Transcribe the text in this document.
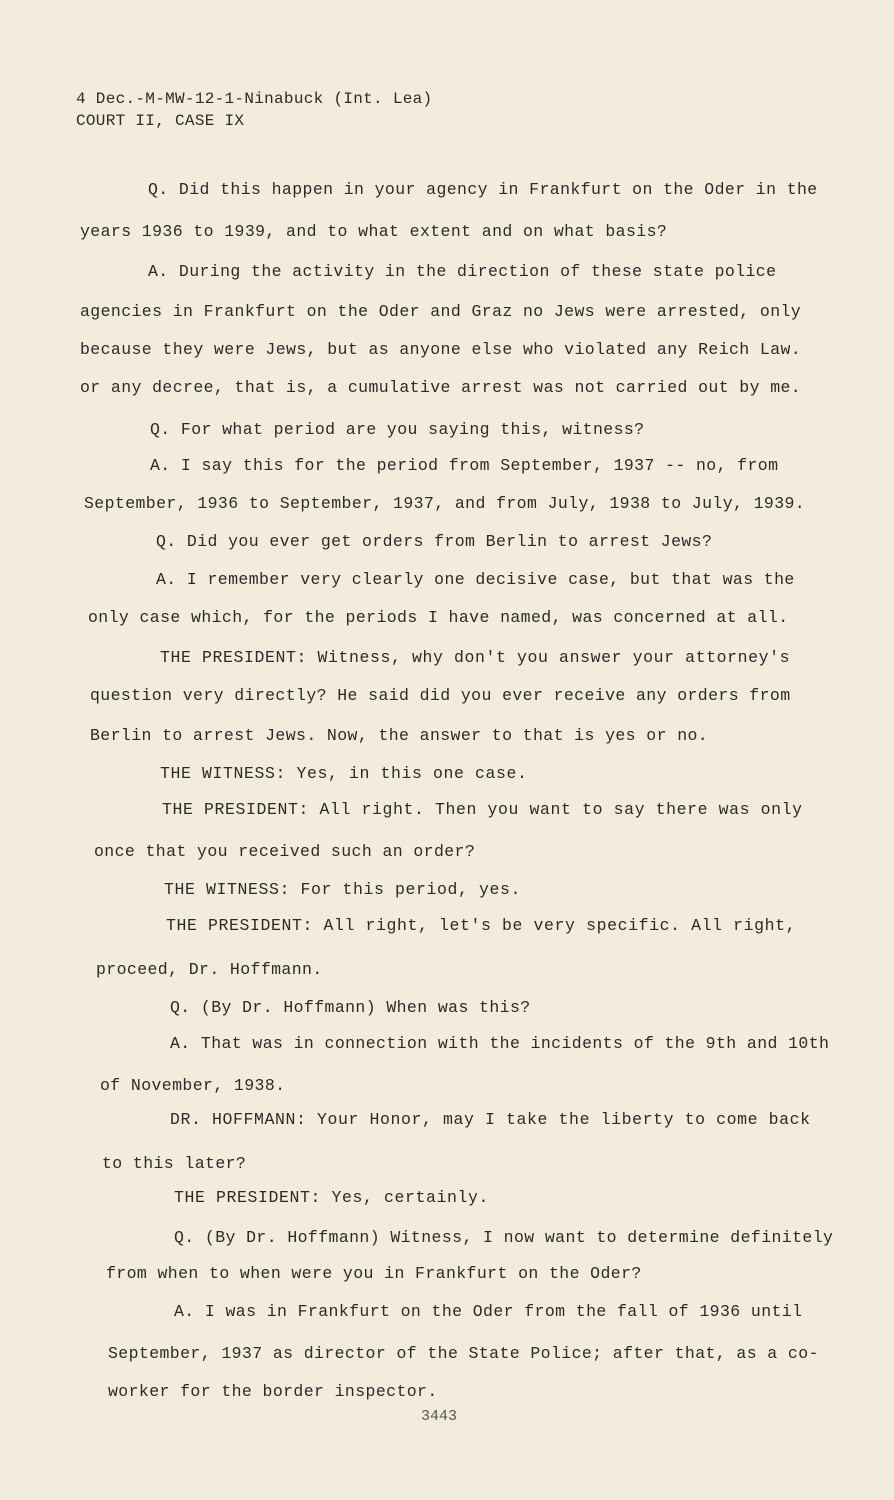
4 Dec.-M-MW-12-1-Ninabuck (Int. Lea)
COURT II, CASE IX
Q. Did this happen in your agency in Frankfurt on the Oder in the
years 1936 to 1939, and to what extent and on what basis?
A. During the activity in the direction of these state police
agencies in Frankfurt on the Oder and Graz no Jews were arrested, only
because they were Jews, but as anyone else who violated any Reich Law.
or any decree, that is, a cumulative arrest was not carried out by me.
Q. For what period are you saying this, witness?
A. I say this for the period from September, 1937 -- no, from
September, 1936 to September, 1937, and from July, 1938 to July, 1939.
Q. Did you ever get orders from Berlin to arrest Jews?
A. I remember very clearly one decisive case, but that was the
only case which, for the periods I have named, was concerned at all.
THE PRESIDENT: Witness, why don't you answer your attorney's
question very directly? He said did you ever receive any orders from
Berlin to arrest Jews. Now, the answer to that is yes or no.
THE WITNESS: Yes, in this one case.
THE PRESIDENT: All right. Then you want to say there was only
once that you received such an order?
THE WITNESS: For this period, yes.
THE PRESIDENT: All right, let's be very specific. All right,
proceed, Dr. Hoffmann.
Q. (By Dr. Hoffmann) When was this?
A. That was in connection with the incidents of the 9th and 10th
of November, 1938.
DR. HOFFMANN: Your Honor, may I take the liberty to come back
to this later?
THE PRESIDENT: Yes, certainly.
Q. (By Dr. Hoffmann) Witness, I now want to determine definitely
from when to when were you in Frankfurt on the Oder?
A. I was in Frankfurt on the Oder from the fall of 1936 until
September, 1937 as director of the State Police; after that, as a co-
worker for the border inspector.
3443
